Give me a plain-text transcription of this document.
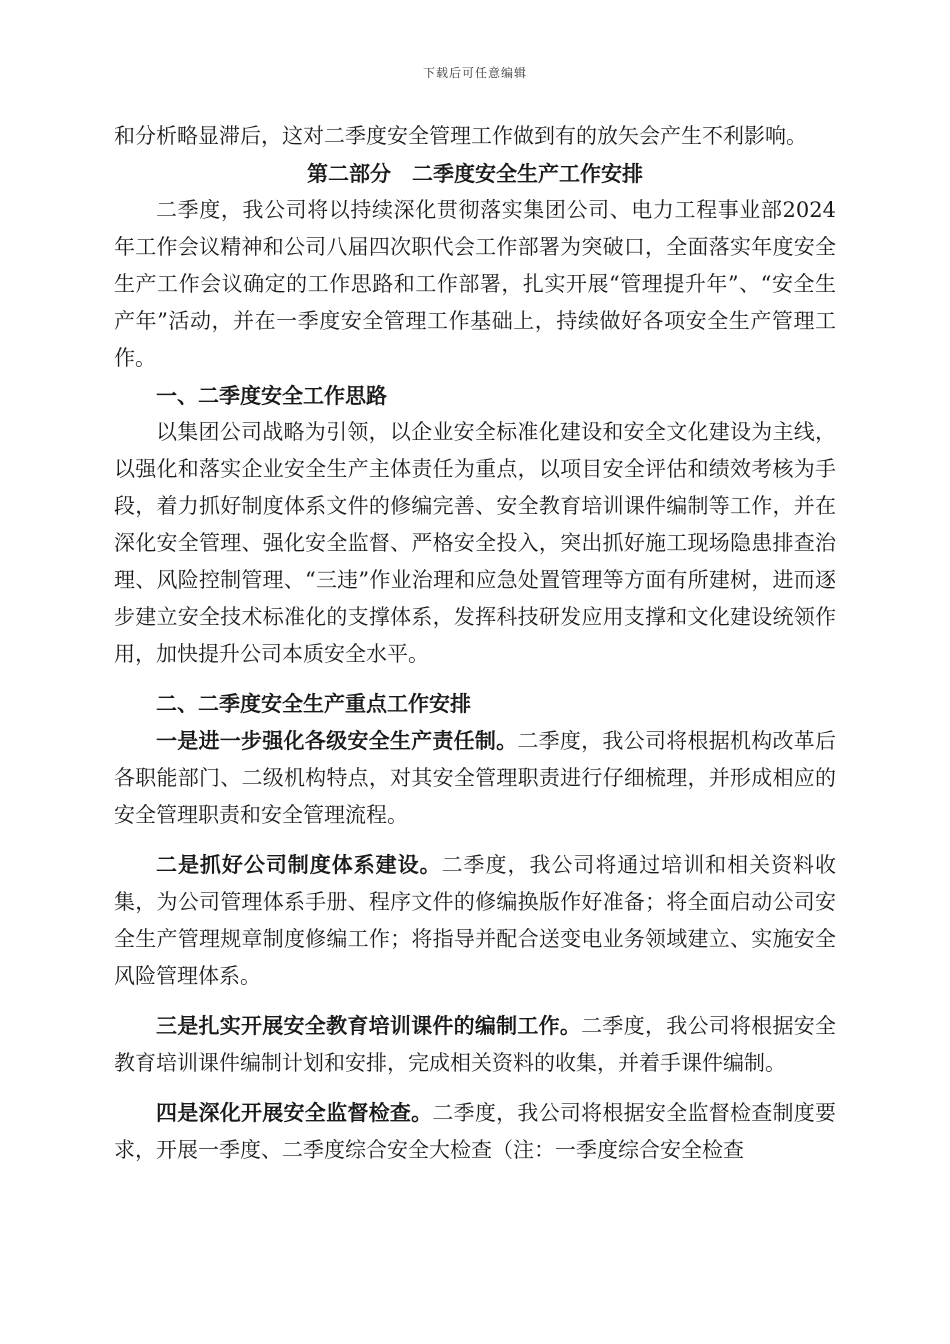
下载后可任意编辑

和分析略显滞后，这对二季度安全管理工作做到有的放矢会产生不利影响。

第二部分　二季度安全生产工作安排

二季度，我公司将以持续深化贯彻落实集团公司、电力工程事业部2024年工作会议精神和公司八届四次职代会工作部署为突破口，全面落实年度安全生产工作会议确定的工作思路和工作部署，扎实开展“管理提升年”、“安全生产年”活动，并在一季度安全管理工作基础上，持续做好各项安全生产管理工作。

一、二季度安全工作思路

以集团公司战略为引领，以企业安全标准化建设和安全文化建设为主线，以强化和落实企业安全生产主体责任为重点，以项目安全评估和绩效考核为手段，着力抓好制度体系文件的修编完善、安全教育培训课件编制等工作，并在深化安全管理、强化安全监督、严格安全投入，突出抓好施工现场隐患排查治理、风险控制管理、“三违”作业治理和应急处置管理等方面有所建树，进而逐步建立安全技术标准化的支撑体系，发挥科技研发应用支撑和文化建设统领作用，加快提升公司本质安全水平。

二、二季度安全生产重点工作安排

一是进一步强化各级安全生产责任制。二季度，我公司将根据机构改革后各职能部门、二级机构特点，对其安全管理职责进行仔细梳理，并形成相应的安全管理职责和安全管理流程。

二是抓好公司制度体系建设。二季度，我公司将通过培训和相关资料收集，为公司管理体系手册、程序文件的修编换版作好准备；将全面启动公司安全生产管理规章制度修编工作；将指导并配合送变电业务领域建立、实施安全风险管理体系。

三是扎实开展安全教育培训课件的编制工作。二季度，我公司将根据安全教育培训课件编制计划和安排，完成相关资料的收集，并着手课件编制。

四是深化开展安全监督检查。二季度，我公司将根据安全监督检查制度要求，开展一季度、二季度综合安全大检查（注：一季度综合安全检查
